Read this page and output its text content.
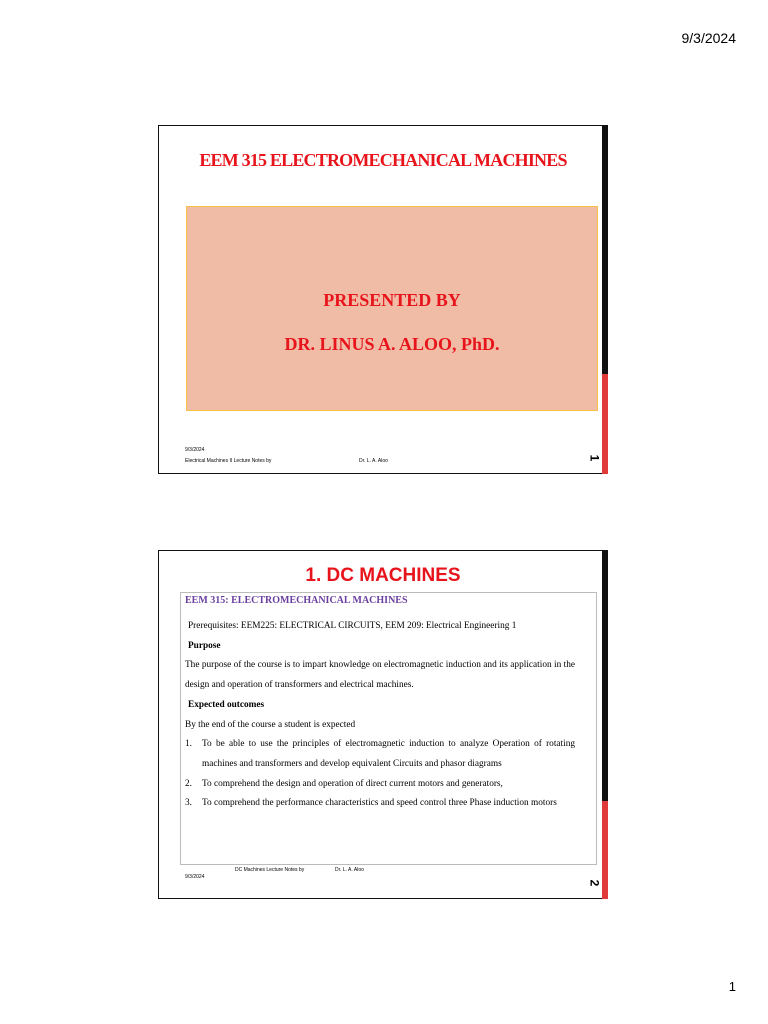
9/3/2024
EEM 315 ELECTROMECHANICAL MACHINES
PRESENTED BY
DR. LINUS A. ALOO, PhD.
9/3/2024
Electrical Machines II Lecture Notes by	Dr. L. A. Aloo	1
1. DC MACHINES

EEM 315: ELECTROMECHANICAL MACHINES

Prerequisites: EEM225: ELECTRICAL CIRCUITS, EEM 209: Electrical Engineering 1

Purpose

The purpose of the course is to impart knowledge on electromagnetic induction and its application in the design and operation of transformers and electrical machines.

Expected outcomes

By the end of the course a student is expected

1. To be able to use the principles of electromagnetic induction to analyze Operation of rotating machines and transformers and develop equivalent Circuits and phasor diagrams
2. To comprehend the design and operation of direct current motors and generators,
3. To comprehend the performance characteristics and speed control three Phase induction motors
DC Machines Lecture Notes by	Dr. L. A. Aloo
9/3/2024
2
1
